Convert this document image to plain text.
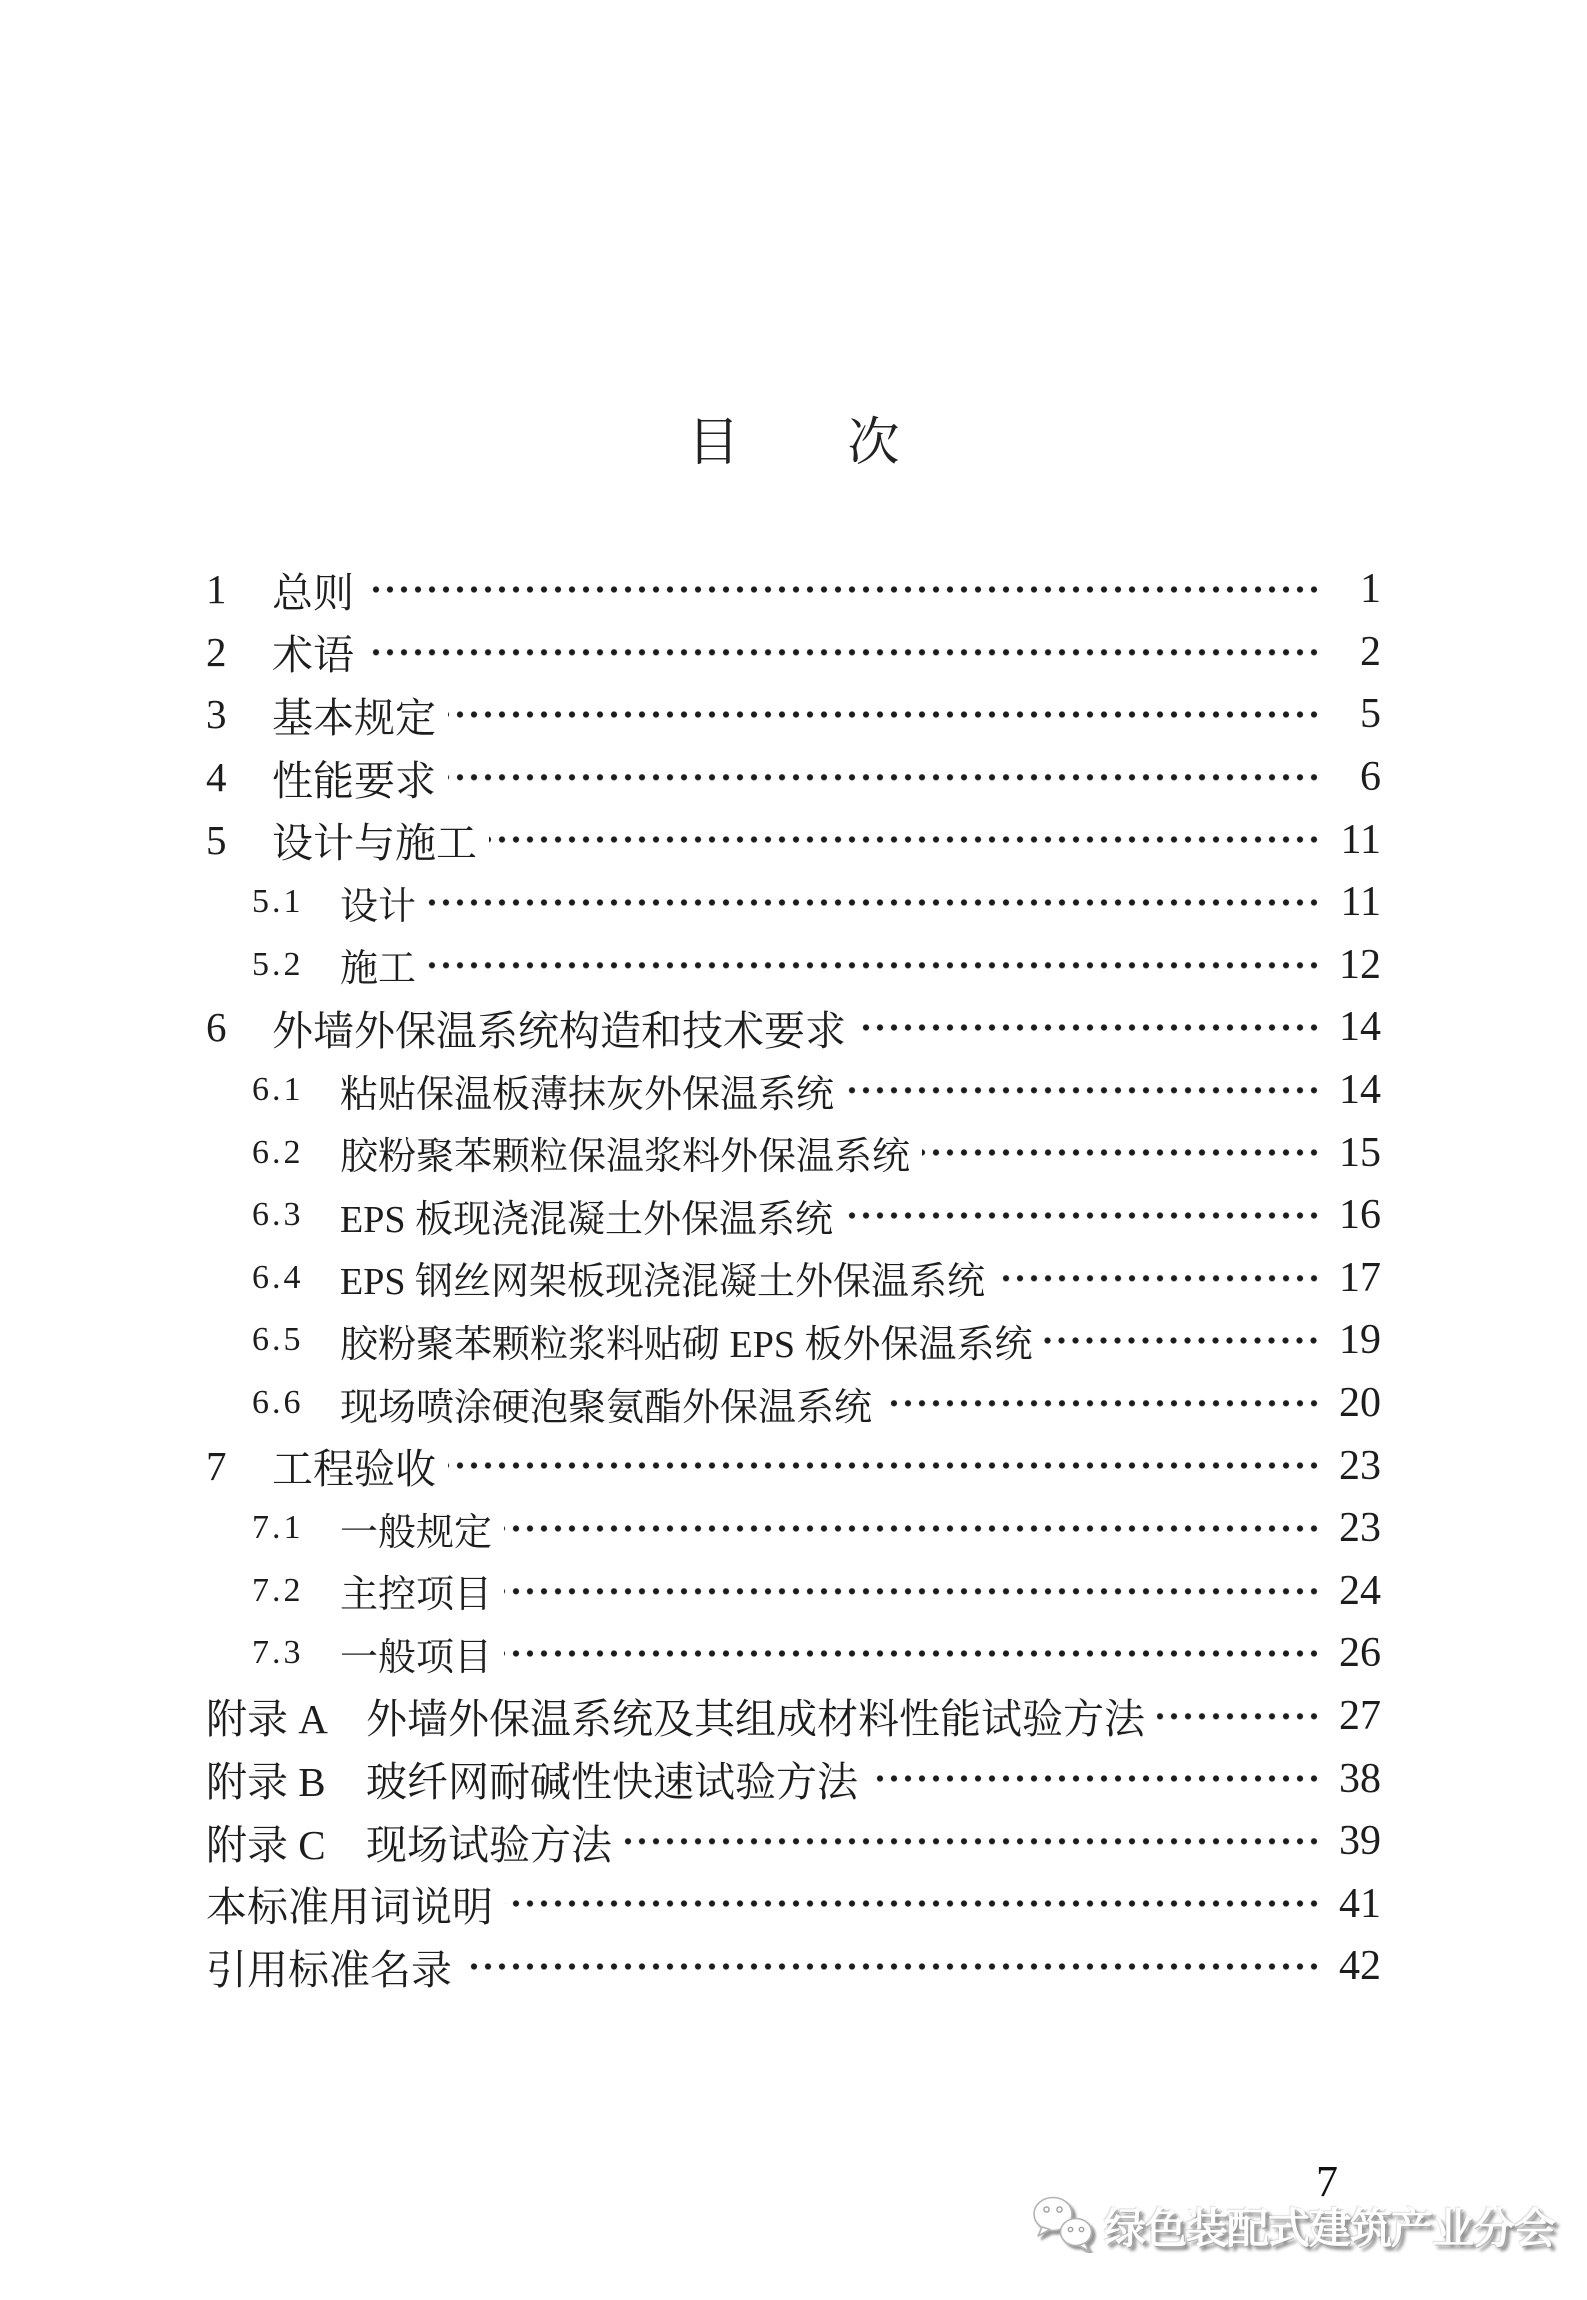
目 次
1	总则	1
2	术语	2
3	基本规定	5
4	性能要求	6
5	设计与施工	11
5.1 设计	11
5.2 施工	12
6	外墙外保温系统构造和技术要求	14
6.1 粘贴保温板薄抹灰外保温系统	14
6.2 胶粉聚苯颗粒保温浆料外保温系统	15
6.3 EPS 板现浇混凝土外保温系统	16
6.4 EPS 钢丝网架板现浇混凝土外保温系统	17
6.5 胶粉聚苯颗粒浆料贴砌 EPS 板外保温系统	19
6.6 现场喷涂硬泡聚氨酯外保温系统	20
7	工程验收	23
7.1 一般规定	23
7.2 主控项目	24
7.3 一般项目	26
附录 A 外墙外保温系统及其组成材料性能试验方法	27
附录 B 玻纤网耐碱性快速试验方法	38
附录 C 现场试验方法	39
本标准用词说明	41
引用标准名录	42
7
绿色装配式建筑产业分会
